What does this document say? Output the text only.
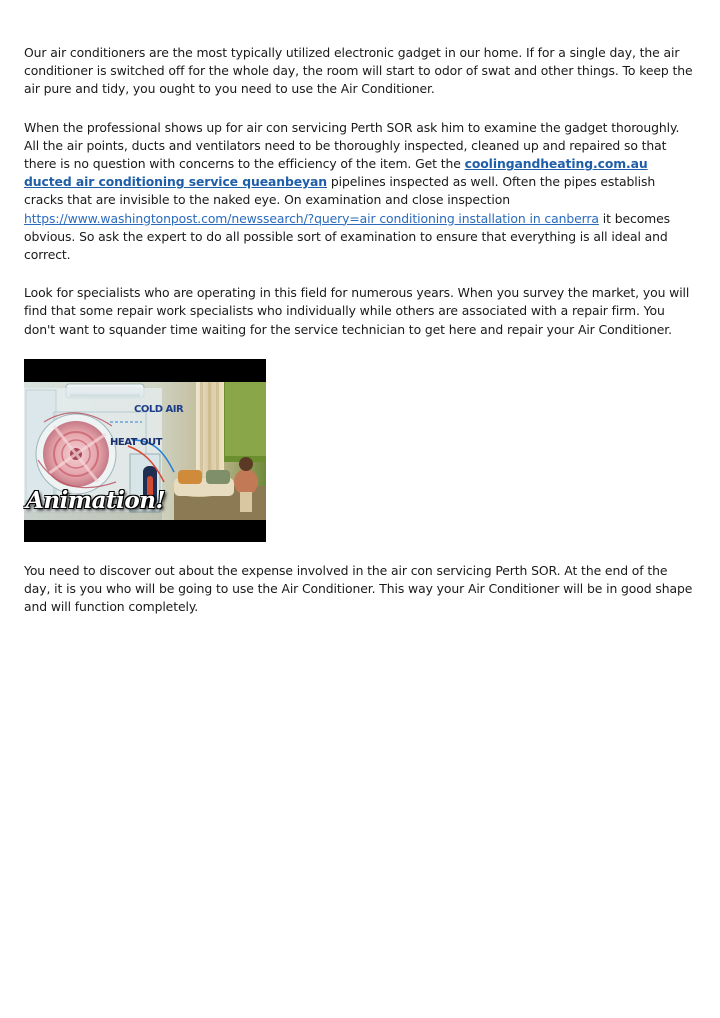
Our air conditioners are the most typically utilized electronic gadget in our home. If for a single day, the air conditioner is switched off for the whole day, the room will start to odor of swat and other things. To keep the air pure and tidy, you ought to you need to use the Air Conditioner.

When the professional shows up for air con servicing Perth SOR ask him to examine the gadget thoroughly. All the air points, ducts and ventilators need to be thoroughly inspected, cleaned up and repaired so that there is no question with concerns to the efficiency of the item. Get the coolingandheating.com.au ducted air conditioning service queanbeyan pipelines inspected as well. Often the pipes establish cracks that are invisible to the naked eye. On examination and close inspection https://www.washingtonpost.com/newssearch/?query=air conditioning installation in canberra it becomes obvious. So ask the expert to do all possible sort of examination to ensure that everything is all ideal and correct.

Look for specialists who are operating in this field for numerous years. When you survey the market, you will find that some repair work specialists who individually while others are associated with a repair firm. You don't want to squander time waiting for the service technician to get here and repair your Air Conditioner.

COLD AIR
HEAT OUT
Animation!

You need to discover out about the expense involved in the air con servicing Perth SOR. At the end of the day, it is you who will be going to use the Air Conditioner. This way your Air Conditioner will be in good shape and will function completely.
